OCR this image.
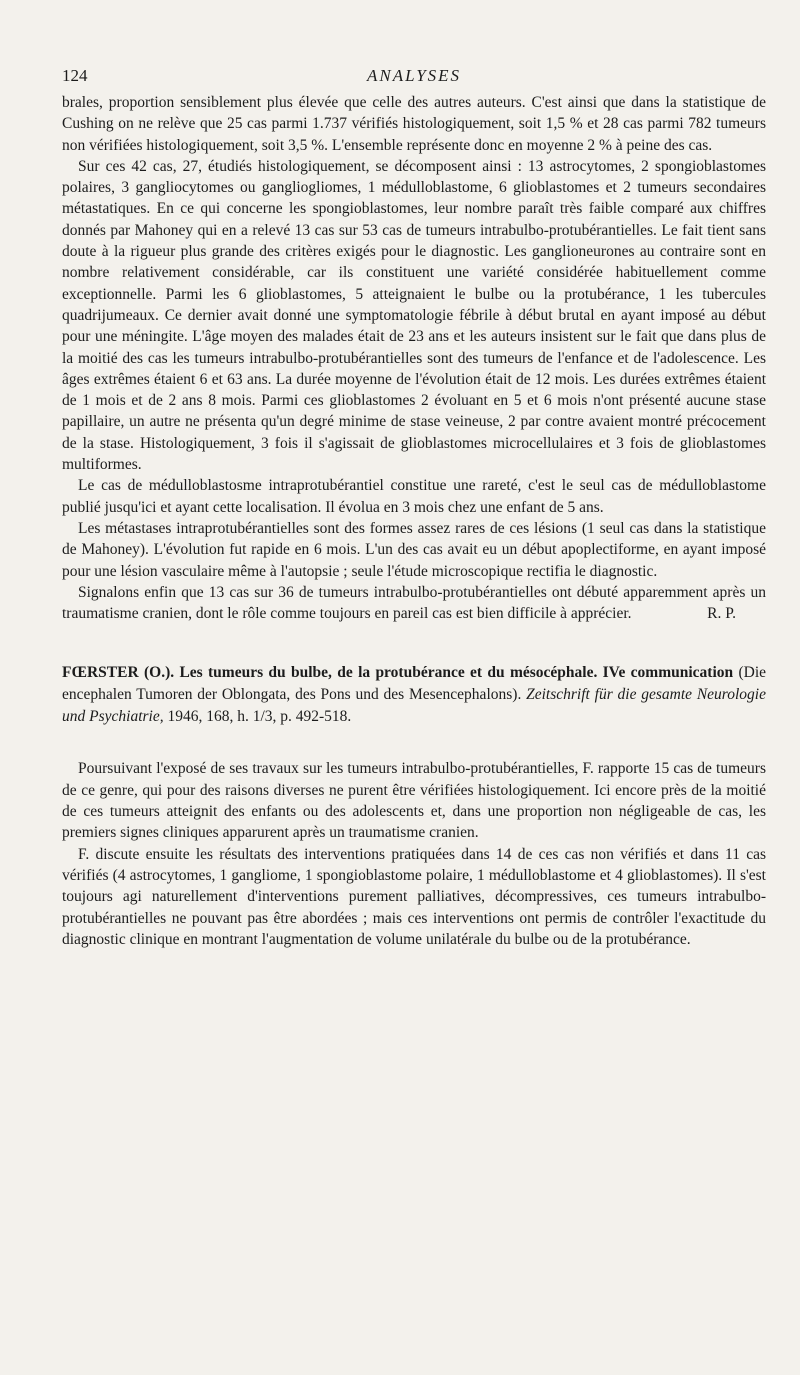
124	ANALYSES

brales, proportion sensiblement plus élevée que celle des autres auteurs. C'est ainsi que dans la statistique de Cushing on ne relève que 25 cas parmi 1.737 vérifiés histologiquement, soit 1,5 % et 28 cas parmi 782 tumeurs non vérifiées histologiquement, soit 3,5 %. L'ensemble représente donc en moyenne 2 % à peine des cas.

Sur ces 42 cas, 27, étudiés histologiquement, se décomposent ainsi : 13 astrocytomes, 2 spongioblastomes polaires, 3 gangliocytomes ou gangliogliomes, 1 médulloblastome, 6 glioblastomes et 2 tumeurs secondaires métastatiques. En ce qui concerne les spongioblastomes, leur nombre paraît très faible comparé aux chiffres donnés par Mahoney qui en a relevé 13 cas sur 53 cas de tumeurs intrabulbo-protubérantielles. Le fait tient sans doute à la rigueur plus grande des critères exigés pour le diagnostic. Les ganglioneurones au contraire sont en nombre relativement considérable, car ils constituent une variété considérée habituellement comme exceptionnelle. Parmi les 6 glioblastomes, 5 atteignaient le bulbe ou la protubérance, 1 les tubercules quadrijumeaux. Ce dernier avait donné une symptomatologie fébrile à début brutal en ayant imposé au début pour une méningite. L'âge moyen des malades était de 23 ans et les auteurs insistent sur le fait que dans plus de la moitié des cas les tumeurs intrabulbo-protubérantielles sont des tumeurs de l'enfance et de l'adolescence. Les âges extrêmes étaient 6 et 63 ans. La durée moyenne de l'évolution était de 12 mois. Les durées extrêmes étaient de 1 mois et de 2 ans 8 mois. Parmi ces glioblastomes 2 évoluant en 5 et 6 mois n'ont présenté aucune stase papillaire, un autre ne présenta qu'un degré minime de stase veineuse, 2 par contre avaient montré précocement de la stase. Histologiquement, 3 fois il s'agissait de glioblastomes microcellulaires et 3 fois de glioblastomes multiformes.

Le cas de médulloblastosme intraprotubérantiel constitue une rareté, c'est le seul cas de médulloblastome publié jusqu'ici et ayant cette localisation. Il évolua en 3 mois chez une enfant de 5 ans.

Les métastases intraprotubérantielles sont des formes assez rares de ces lésions (1 seul cas dans la statistique de Mahoney). L'évolution fut rapide en 6 mois. L'un des cas avait eu un début apoplectiforme, en ayant imposé pour une lésion vasculaire même à l'autopsie ; seule l'étude microscopique rectifia le diagnostic.

Signalons enfin que 13 cas sur 36 de tumeurs intrabulbo-protubérantielles ont débuté apparemment après un traumatisme cranien, dont le rôle comme toujours en pareil cas est bien difficile à apprécier.	R. P.

FŒRSTER (O.). Les tumeurs du bulbe, de la protubérance et du mésocéphale. IVe communication (Die encephalen Tumoren der Oblongata, des Pons und des Mesencephalons). Zeitschrift für die gesamte Neurologie und Psychiatrie, 1946, 168, h. 1/3, p. 492-518.

Poursuivant l'exposé de ses travaux sur les tumeurs intrabulbo-protubérantielles, F. rapporte 15 cas de tumeurs de ce genre, qui pour des raisons diverses ne purent être vérifiées histologiquement. Ici encore près de la moitié de ces tumeurs atteignit des enfants ou des adolescents et, dans une proportion non négligeable de cas, les premiers signes cliniques apparurent après un traumatisme cranien.

F. discute ensuite les résultats des interventions pratiquées dans 14 de ces cas non vérifiés et dans 11 cas vérifiés (4 astrocytomes, 1 gangliome, 1 spongioblastome polaire, 1 médulloblastome et 4 glioblastomes). Il s'est toujours agi naturellement d'interventions purement palliatives, décompressives, ces tumeurs intrabulbo-protubérantielles ne pouvant pas être abordées ; mais ces interventions ont permis de contrôler l'exactitude du diagnostic clinique en montrant l'augmentation de volume unilatérale du bulbe ou de la protubérance.
